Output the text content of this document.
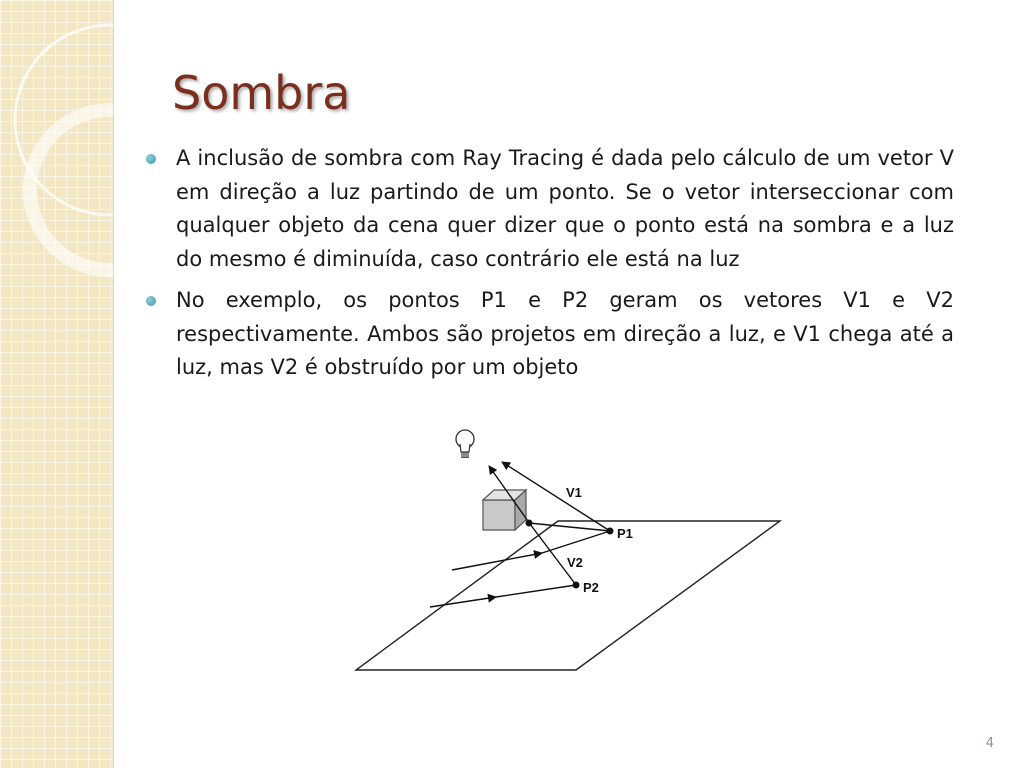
Sombra
A inclusão de sombra com Ray Tracing é dada pelo cálculo de um vetor V em direção a luz partindo de um ponto. Se o vetor interseccionar com qualquer objeto da cena quer dizer que o ponto está na sombra e a luz do mesmo é diminuída, caso contrário ele está na luz
No exemplo, os pontos P1 e P2 geram os vetores V1 e V2 respectivamente. Ambos são projetos em direção a luz, e V1 chega até a luz, mas V2 é obstruído por um objeto
V1
V2
P1
P2
4
